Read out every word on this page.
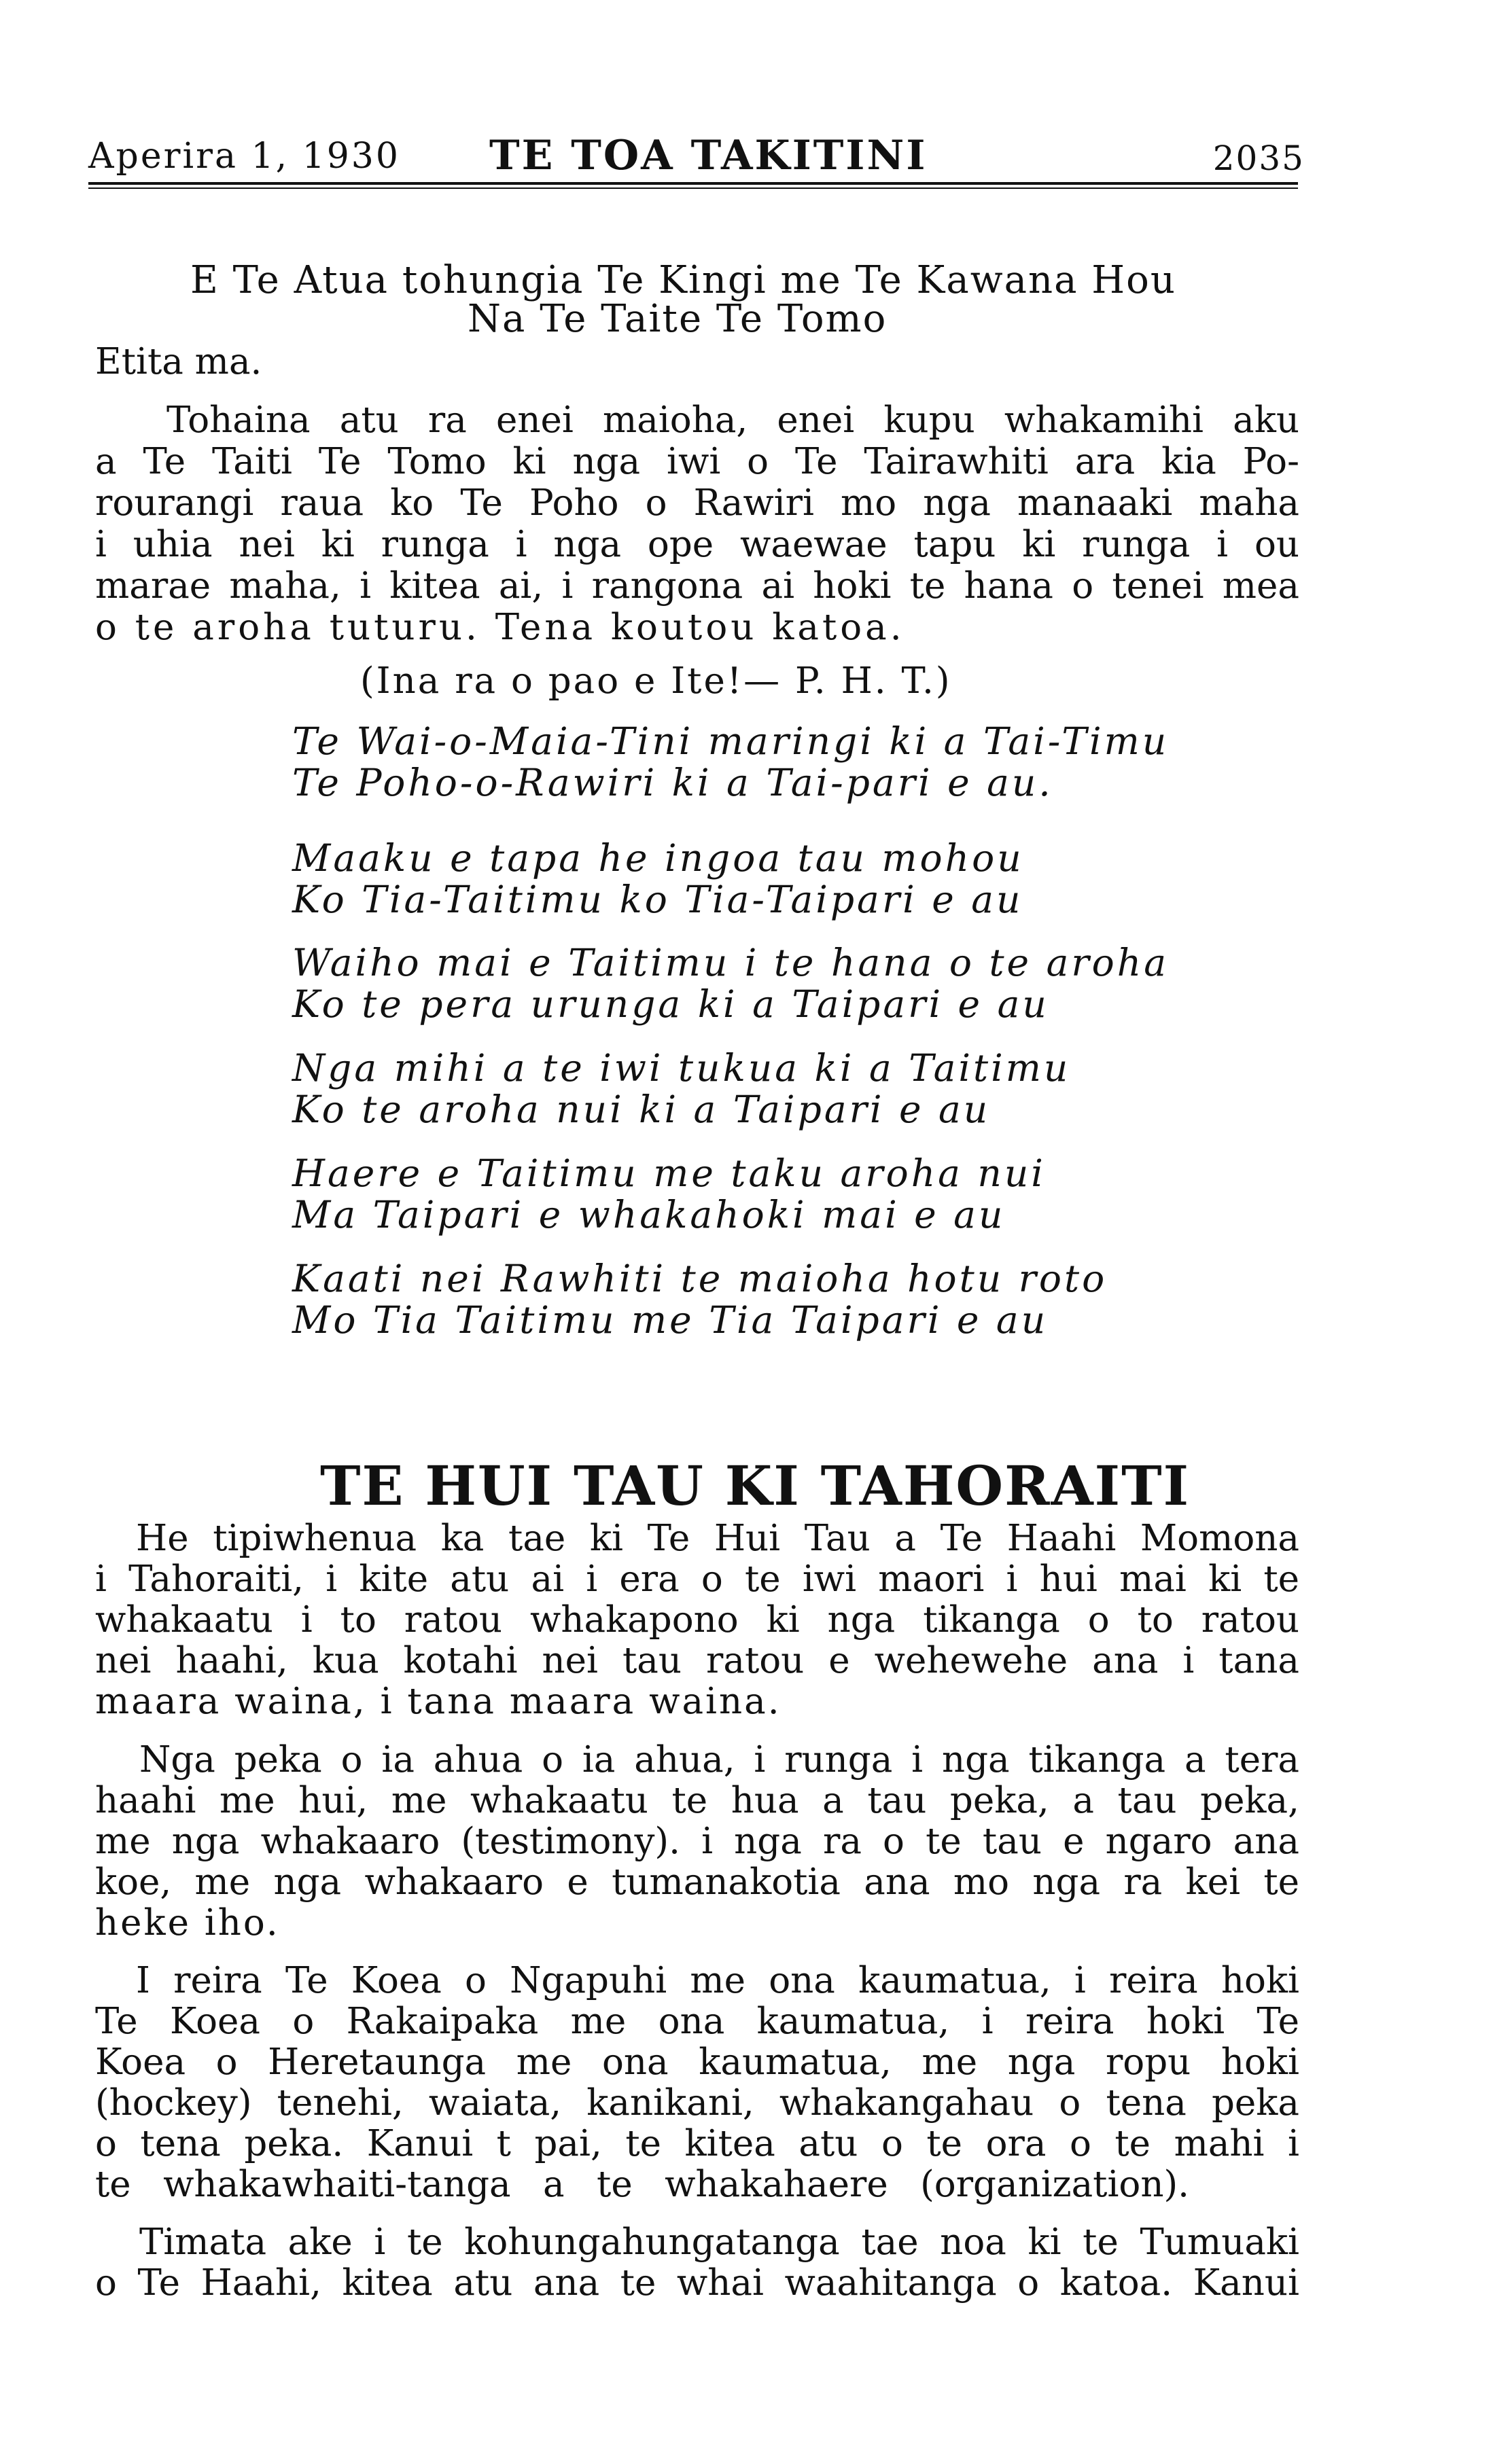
Aperira 1, 1930 TE TOA TAKITINI	2035
E Te Atua tohungia Te Kingi me Te Kawana Hou
Na Te Taite Te Tomo
Etita ma.
Tohaina atu ra enei maioha, enei kupu whakamihi aku
a Te Taiti Te Tomo ki nga iwi o Te Tairawhiti ara kia Po-
rourangi raua ko Te Poho o Rawiri mo nga manaaki maha
i uhia nei ki runga i nga ope waewae tapu ki runga i ou
marae maha, i kitea ai, i rangona ai hoki te hana o tenei mea
o te aroha tuturu. Tena koutou katoa.
(Ina ra o pao e Ite!— P. H. T.)
Te Wai-o-Maia-Tini maringi ki a Tai-Timu
Te Poho-o-Rawiri ki a Tai-pari e au.
Maaku e tapa he ingoa tau mohou
Ko Tia-Taitimu ko Tia-Taipari e au
Waiho mai e Taitimu i te hana o te aroha
Ko te pera urunga ki a Taipari e au
Nga mihi a te iwi tukua ki a Taitimu
Ko te aroha nui ki a Taipari e au
Haere e Taitimu me taku aroha nui
Ma Taipari e whakahoki mai e au
Kaati nei Rawhiti te maioha hotu roto
Mo Tia Taitimu me Tia Taipari e au
TE HUI TAU KI TAHORAITI
He tipiwhenua ka tae ki Te Hui Tau a Te Haahi Momona
i Tahoraiti, i kite atu ai i era o te iwi maori i hui mai ki te
whakaatu i to ratou whakapono ki nga tikanga o to ratou
nei haahi, kua kotahi nei tau ratou e wehewehe ana i tana
maara waina, i tana maara waina.
Nga peka o ia ahua o ia ahua, i runga i nga tikanga a tera
haahi me hui, me whakaatu te hua a tau peka, a tau peka,
me nga whakaaro (testimony). i nga ra o te tau e ngaro ana
koe, me nga whakaaro e tumanakotia ana mo nga ra kei te
heke iho.
I reira Te Koea o Ngapuhi me ona kaumatua, i reira hoki
Te Koea o Rakaipaka me ona kaumatua, i reira hoki Te
Koea o Heretaunga me ona kaumatua, me nga ropu hoki
(hockey) tenehi, waiata, kanikani, whakangahau o tena peka
o tena peka. Kanui t pai, te kitea atu o te ora o te mahi i
te whakawhaiti-tanga a te whakahaere (organization).
Timata ake i te kohungahungatanga tae noa ki te Tumuaki
o Te Haahi, kitea atu ana te whai waahitanga o katoa. Kanui
